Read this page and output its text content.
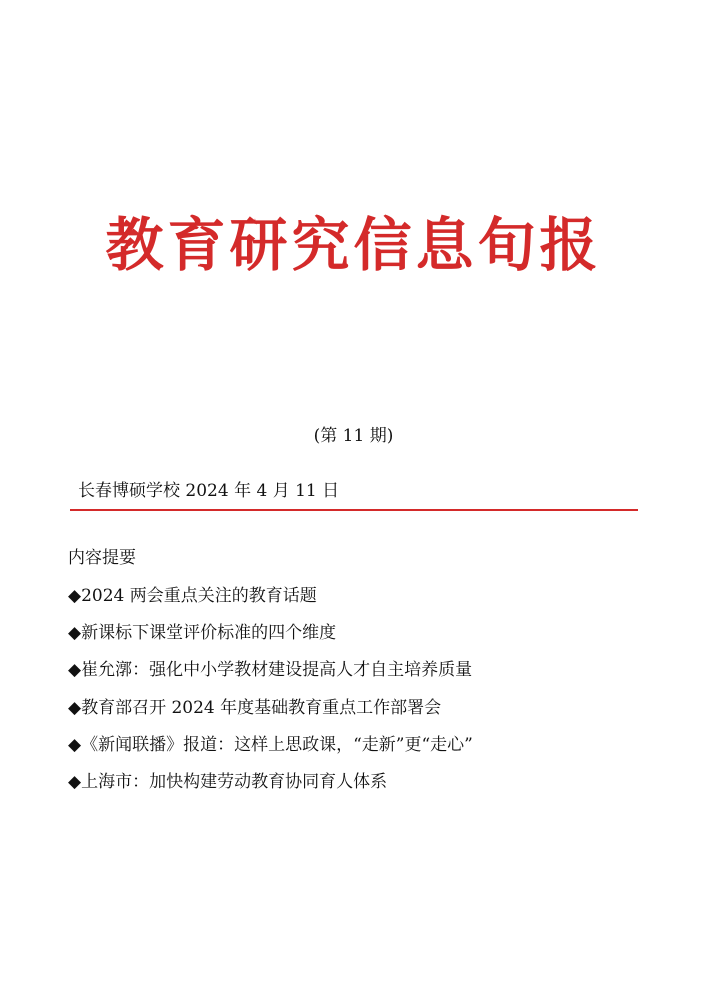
教育研究信息旬报
(第 11 期)
长春博硕学校 2024 年 4 月 11 日
内容提要
◆2024 两会重点关注的教育话题
◆新课标下课堂评价标准的四个维度
◆崔允漷：强化中小学教材建设提高人才自主培养质量
◆教育部召开 2024 年度基础教育重点工作部署会
◆《新闻联播》报道：这样上思政课，“走新”更“走心”
◆上海市：加快构建劳动教育协同育人体系
